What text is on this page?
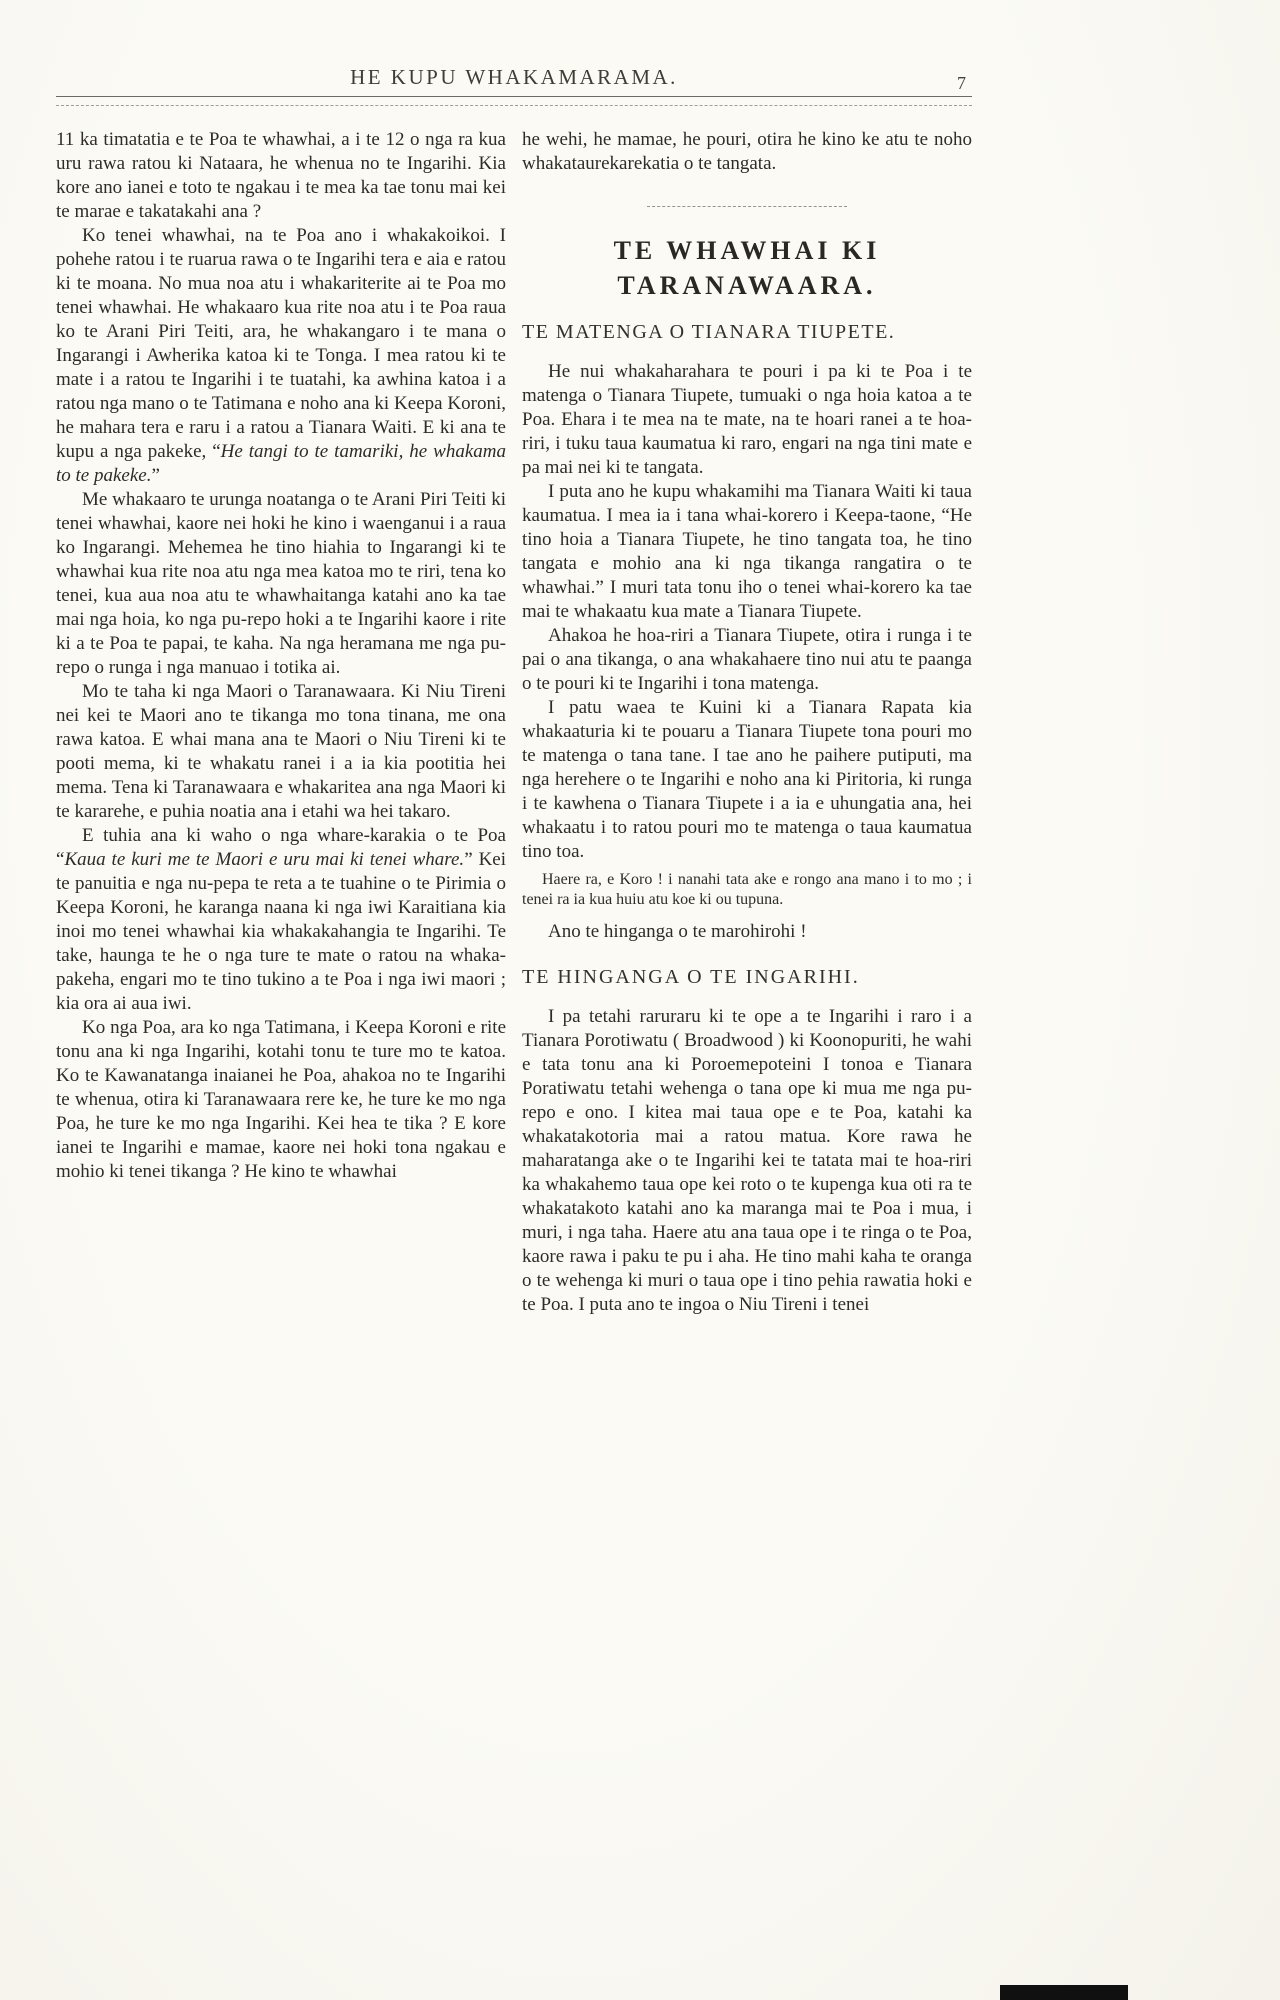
HE KUPU WHAKAMARAMA.	7

11 ka timatatia e te Poa te whawhai, a i te 12 o nga ra kua uru rawa ratou ki Nataara, he whenua no te Ingarihi. Kia kore ano ianei e toto te ngakau i te mea ka tae tonu mai kei te marae e takatakahi ana ?

Ko tenei whawhai, na te Poa ano i whakakoikoi. I pohehe ratou i te ruarua rawa o te Ingarihi tera e aia e ratou ki te moana. No mua noa atu i whakariterite ai te Poa mo tenei whawhai. He whakaaro kua rite noa atu i te Poa raua ko te Arani Piri Teiti, ara, he whakangaro i te mana o Ingarangi i Awherika katoa ki te Tonga. I mea ratou ki te mate i a ratou te Ingarihi i te tuatahi, ka awhina katoa i a ratou nga mano o te Tatimana e noho ana ki Keepa Koroni, he mahara tera e raru i a ratou a Tianara Waiti. E ki ana te kupu a nga pakeke, “He tangi to te tamariki, he whakama to te pakeke.”

Me whakaaro te urunga noatanga o te Arani Piri Teiti ki tenei whawhai, kaore nei hoki he kino i waenganui i a raua ko Ingarangi. Mehemea he tino hiahia to Ingarangi ki te whawhai kua rite noa atu nga mea katoa mo te riri, tena ko tenei, kua aua noa atu te whawhaitanga katahi ano ka tae mai nga hoia, ko nga pu-repo hoki a te Ingarihi kaore i rite ki a te Poa te papai, te kaha. Na nga heramana me nga pu-repo o runga i nga manuao i totika ai.

Mo te taha ki nga Maori o Taranawaara. Ki Niu Tireni nei kei te Maori ano te tikanga mo tona tinana, me ona rawa katoa. E whai mana ana te Maori o Niu Tireni ki te pooti mema, ki te whakatu ranei i a ia kia pootitia hei mema. Tena ki Taranawaara e whakaritea ana nga Maori ki te kararehe, e puhia noatia ana i etahi wa hei takaro.

E tuhia ana ki waho o nga whare-karakia o te Poa “Kaua te kuri me te Maori e uru mai ki tenei whare.” Kei te panuitia e nga nu-pepa te reta a te tuahine o te Pirimia o Keepa Koroni, he karanga naana ki nga iwi Karaitiana kia inoi mo tenei whawhai kia whakakahangia te Ingarihi. Te take, haunga te he o nga ture te mate o ratou na whaka-pakeha, engari mo te tino tukino a te Poa i nga iwi maori ; kia ora ai aua iwi.

Ko nga Poa, ara ko nga Tatimana, i Keepa Koroni e rite tonu ana ki nga Ingarihi, kotahi tonu te ture mo te katoa. Ko te Kawanatanga inaianei he Poa, ahakoa no te Ingarihi te whenua, otira ki Taranawaara rere ke, he ture ke mo nga Poa, he ture ke mo nga Ingarihi. Kei hea te tika ? E kore ianei te Ingarihi e mamae, kaore nei hoki tona ngakau e mohio ki tenei tikanga ? He kino te whawhai

he wehi, he mamae, he pouri, otira he kino ke atu te noho whakataurekarekatia o te tangata.

TE WHAWHAI KI
TARANAWAARA.
TE MATENGA O TIANARA TIUPETE.

He nui whakaharahara te pouri i pa ki te Poa i te matenga o Tianara Tiupete, tumuaki o nga hoia katoa a te Poa. Ehara i te mea na te mate, na te hoari ranei a te hoa-riri, i tuku taua kaumatua ki raro, engari na nga tini mate e pa mai nei ki te tangata.

I puta ano he kupu whakamihi ma Tianara Waiti ki taua kaumatua. I mea ia i tana whai-korero i Keepa-taone, “He tino hoia a Tianara Tiupete, he tino tangata toa, he tino tangata e mohio ana ki nga tikanga rangatira o te whawhai.” I muri tata tonu iho o tenei whai-korero ka tae mai te whakaatu kua mate a Tianara Tiupete.

Ahakoa he hoa-riri a Tianara Tiupete, otira i runga i te pai o ana tikanga, o ana whakahaere tino nui atu te paanga o te pouri ki te Ingarihi i tona matenga.

I patu waea te Kuini ki a Tianara Rapata kia whakaaturia ki te pouaru a Tianara Tiupete tona pouri mo te matenga o tana tane. I tae ano he paihere putiputi, ma nga herehere o te Ingarihi e noho ana ki Piritoria, ki runga i te kawhena o Tianara Tiupete i a ia e uhungatia ana, hei whakaatu i to ratou pouri mo te matenga o taua kaumatua tino toa.

Haere ra, e Koro ! i nanahi tata ake e rongo ana mano i to mo ; i tenei ra ia kua huiu atu koe ki ou tupuna.

Ano te hinganga o te marohirohi !

TE HINGANGA O TE INGARIHI.

I pa tetahi raruraru ki te ope a te Ingarihi i raro i a Tianara Porotiwatu ( Broadwood ) ki Koonopuriti, he wahi e tata tonu ana ki Poroemepoteini I tonoa e Tianara Poratiwatu tetahi wehenga o tana ope ki mua me nga pu-repo e ono. I kitea mai taua ope e te Poa, katahi ka whakatakotoria mai a ratou matua. Kore rawa he maharatanga ake o te Ingarihi kei te tatata mai te hoa-riri ka whakahemo taua ope kei roto o te kupenga kua oti ra te whakatakoto katahi ano ka maranga mai te Poa i mua, i muri, i nga taha. Haere atu ana taua ope i te ringa o te Poa, kaore rawa i paku te pu i aha. He tino mahi kaha te oranga o te wehenga ki muri o taua ope i tino pehia rawatia hoki e te Poa. I puta ano te ingoa o Niu Tireni i tenei
